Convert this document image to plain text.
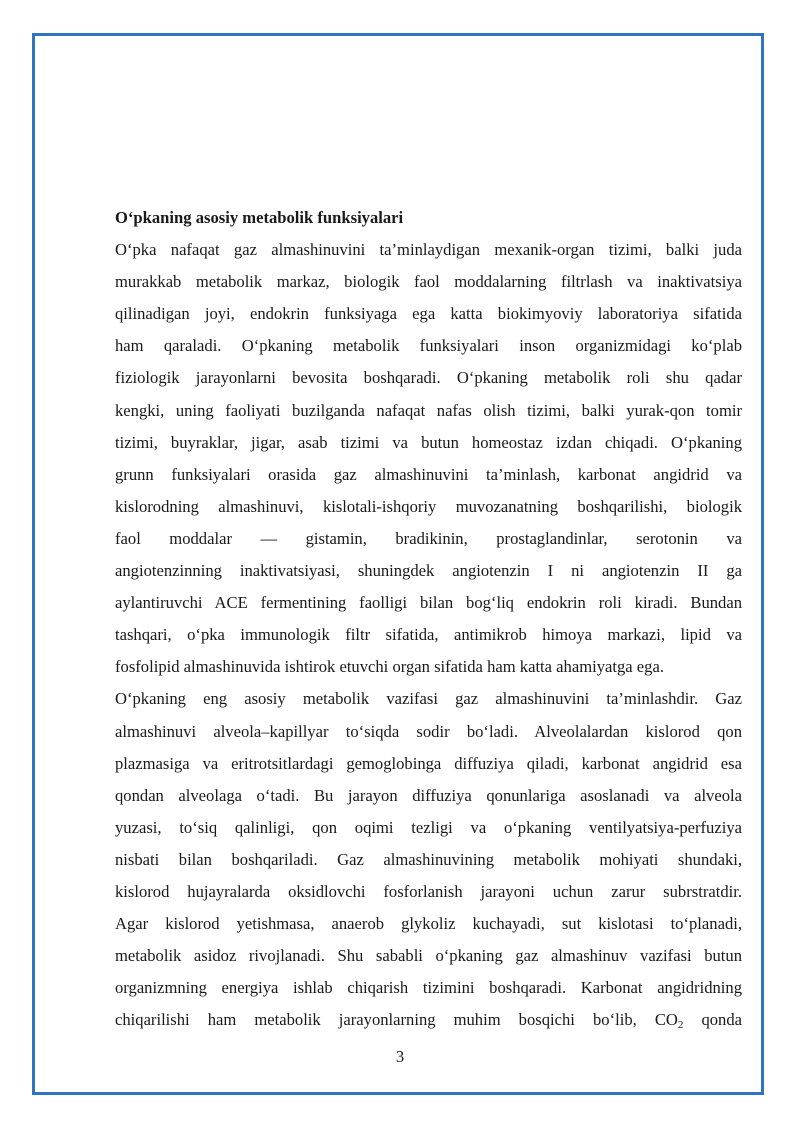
O‘pkaning asosiy metabolik funksiyalari

O‘pka nafaqat gaz almashinuvini ta’minlaydigan mexanik-organ tizimi, balki juda
murakkab metabolik markaz, biologik faol moddalarning filtrlash va inaktivatsiya
qilinadigan joyi, endokrin funksiyaga ega katta biokimyoviy laboratoriya sifatida
ham qaraladi. O‘pkaning metabolik funksiyalari inson organizmidagi ko‘plab
fiziologik jarayonlarni bevosita boshqaradi. O‘pkaning metabolik roli shu qadar
kengki, uning faoliyati buzilganda nafaqat nafas olish tizimi, balki yurak-qon tomir
tizimi, buyraklar, jigar, asab tizimi va butun homeostaz izdan chiqadi. O‘pkaning
grunn funksiyalari orasida gaz almashinuvini ta’minlash, karbonat angidrid va
kislorodning almashinuvi, kislotali-ishqoriy muvozanatning boshqarilishi, biologik
faol moddalar — gistamin, bradikinin, prostaglandinlar, serotonin va
angiotenzinning inaktivatsiyasi, shuningdek angiotenzin I ni angiotenzin II ga
aylantiruvchi ACE fermentining faolligi bilan bog‘liq endokrin roli kiradi. Bundan
tashqari, o‘pka immunologik filtr sifatida, antimikrob himoya markazi, lipid va
fosfolipid almashinuvida ishtirok etuvchi organ sifatida ham katta ahamiyatga ega.
O‘pkaning eng asosiy metabolik vazifasi gaz almashinuvini ta’minlashdir. Gaz
almashinuvi alveola–kapillyar to‘siqda sodir bo‘ladi. Alveolalardan kislorod qon
plazmasiga va eritrotsitlardagi gemoglobinga diffuziya qiladi, karbonat angidrid esa
qondan alveolaga o‘tadi. Bu jarayon diffuziya qonunlariga asoslanadi va alveola
yuzasi, to‘siq qalinligi, qon oqimi tezligi va o‘pkaning ventilyatsiya-perfuziya
nisbati bilan boshqariladi. Gaz almashinuvining metabolik mohiyati shundaki,
kislorod hujayralarda oksidlovchi fosforlanish jarayoni uchun zarur subrstratdir.
Agar kislorod yetishmasa, anaerob glykoliz kuchayadi, sut kislotasi to‘planadi,
metabolik asidoz rivojlanadi. Shu sababli o‘pkaning gaz almashinuv vazifasi butun
organizmning energiya ishlab chiqarish tizimini boshqaradi. Karbonat angidridning
chiqarilishi ham metabolik jarayonlarning muhim bosqichi bo‘lib, $CO_2$ qonda
3
